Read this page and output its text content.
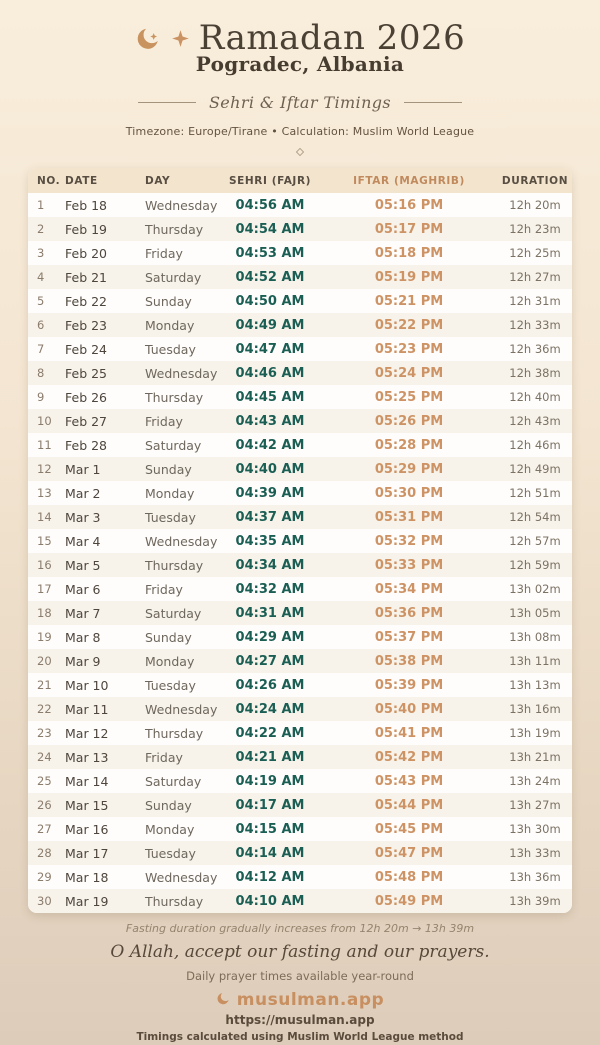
Ramadan 2026
Pogradec, Albania
Sehri & Iftar Timings
Timezone: Europe/Tirane • Calculation: Muslim World League
NO. DATE	DAY	SEHRI (FAJR)	IFTAR (MAGHRIB)	DURATION
1	Feb 18	Wednesday	04:56 AM	05:16 PM	12h 20m
2	Feb 19	Thursday	04:54 AM	05:17 PM	12h 23m
3	Feb 20	Friday	04:53 AM	05:18 PM	12h 25m
4	Feb 21	Saturday	04:52 AM	05:19 PM	12h 27m
5	Feb 22	Sunday	04:50 AM	05:21 PM	12h 31m
6	Feb 23	Monday	04:49 AM	05:22 PM	12h 33m
7	Feb 24	Tuesday	04:47 AM	05:23 PM	12h 36m
8	Feb 25	Wednesday	04:46 AM	05:24 PM	12h 38m
9	Feb 26	Thursday	04:45 AM	05:25 PM	12h 40m
10	Feb 27	Friday	04:43 AM	05:26 PM	12h 43m
11	Feb 28	Saturday	04:42 AM	05:28 PM	12h 46m
12	Mar 1	Sunday	04:40 AM	05:29 PM	12h 49m
13	Mar 2	Monday	04:39 AM	05:30 PM	12h 51m
14	Mar 3	Tuesday	04:37 AM	05:31 PM	12h 54m
15	Mar 4	Wednesday	04:35 AM	05:32 PM	12h 57m
16	Mar 5	Thursday	04:34 AM	05:33 PM	12h 59m
17	Mar 6	Friday	04:32 AM	05:34 PM	13h 02m
18	Mar 7	Saturday	04:31 AM	05:36 PM	13h 05m
19	Mar 8	Sunday	04:29 AM	05:37 PM	13h 08m
20	Mar 9	Monday	04:27 AM	05:38 PM	13h 11m
21	Mar 10	Tuesday	04:26 AM	05:39 PM	13h 13m
22	Mar 11	Wednesday	04:24 AM	05:40 PM	13h 16m
23	Mar 12	Thursday	04:22 AM	05:41 PM	13h 19m
24	Mar 13	Friday	04:21 AM	05:42 PM	13h 21m
25	Mar 14	Saturday	04:19 AM	05:43 PM	13h 24m
26	Mar 15	Sunday	04:17 AM	05:44 PM	13h 27m
27	Mar 16	Monday	04:15 AM	05:45 PM	13h 30m
28	Mar 17	Tuesday	04:14 AM	05:47 PM	13h 33m
29	Mar 18	Wednesday	04:12 AM	05:48 PM	13h 36m
30	Mar 19	Thursday	04:10 AM	05:49 PM	13h 39m
Fasting duration gradually increases from 12h 20m → 13h 39m
O Allah, accept our fasting and our prayers.
Daily prayer times available year-round
musulman.app
https://musulman.app
Timings calculated using Muslim World League method
